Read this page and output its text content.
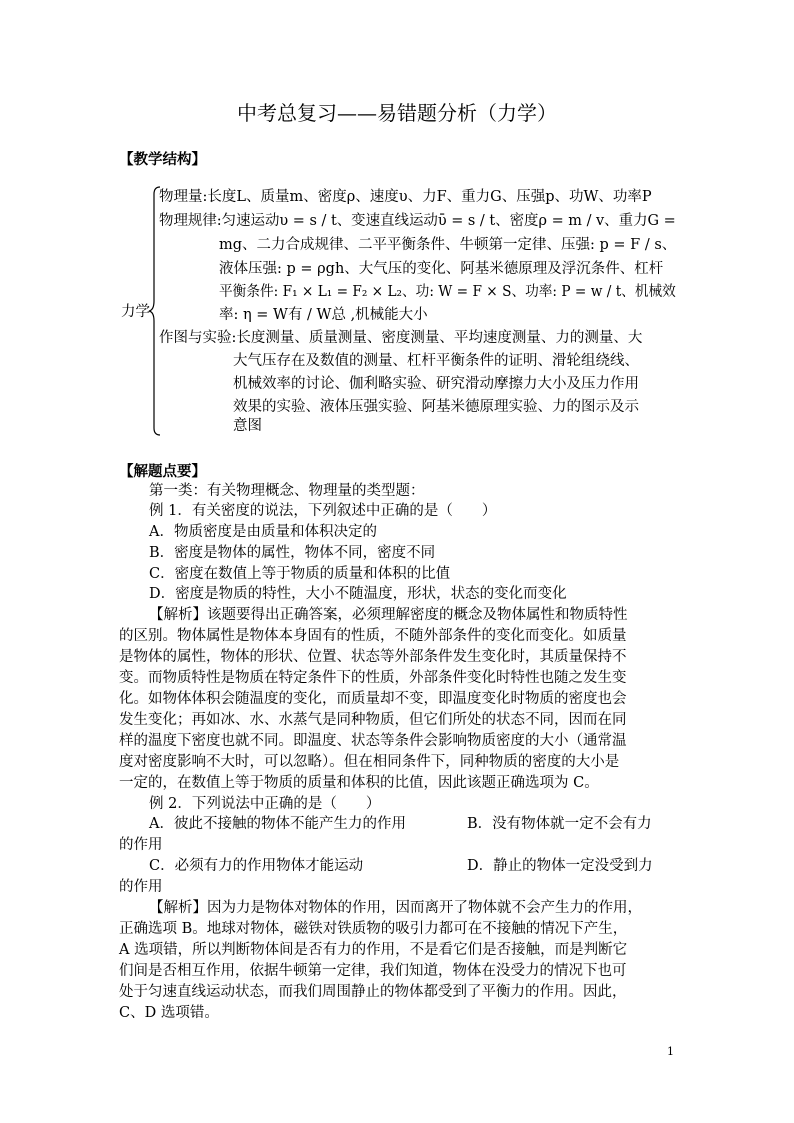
中考总复习——易错题分析（力学）
【教学结构】
力学
物理量:长度L、质量m、密度ρ、速度υ、力F、重力G、压强p、功W、功率P
物理规律:匀速运动υ = s / t、变速直线运动ῡ = s / t、密度ρ = m / v、重力G =
mg、二力合成规律、二平平衡条件、牛顿第一定律、压强: p = F / s、
液体压强: p = ρgh、大气压的变化、阿基米德原理及浮沉条件、杠杆
平衡条件: F₁ × L₁ = F₂ × L₂、功: W = F × S、功率: P = w / t、机械效
率: η = W有 / W总 ,机械能大小
作图与实验:长度测量、质量测量、密度测量、平均速度测量、力的测量、大
大气压存在及数值的测量、杠杆平衡条件的证明、滑轮组绕线、
机械效率的讨论、伽利略实验、研究滑动摩擦力大小及压力作用
效果的实验、液体压强实验、阿基米德原理实验、力的图示及示
意图
【解题点要】
第一类：有关物理概念、物理量的类型题：
例 1．有关密度的说法，下列叙述中正确的是（　　）
A．物质密度是由质量和体积决定的
B．密度是物体的属性，物体不同，密度不同
C．密度在数值上等于物质的质量和体积的比值
D．密度是物质的特性，大小不随温度，形状，状态的变化而变化
【解析】该题要得出正确答案，必须理解密度的概念及物体属性和物质特性
的区别。物体属性是物体本身固有的性质，不随外部条件的变化而变化。如质量
是物体的属性，物体的形状、位置、状态等外部条件发生变化时，其质量保持不
变。而物质特性是物质在特定条件下的性质，外部条件变化时特性也随之发生变
化。如物体体积会随温度的变化，而质量却不变，即温度变化时物质的密度也会
发生变化；再如冰、水、水蒸气是同种物质，但它们所处的状态不同，因而在同
样的温度下密度也就不同。即温度、状态等条件会影响物质密度的大小（通常温
度对密度影响不大时，可以忽略）。但在相同条件下，同种物质的密度的大小是
一定的，在数值上等于物质的质量和体积的比值，因此该题正确选项为 C。
例 2．下列说法中正确的是（　　）
A．彼此不接触的物体不能产生力的作用	B．没有物体就一定不会有力
的作用
C．必须有力的作用物体才能运动	D．静止的物体一定没受到力
的作用
【解析】因为力是物体对物体的作用，因而离开了物体就不会产生力的作用，
正确选项 B。地球对物体，磁铁对铁质物的吸引力都可在不接触的情况下产生，
A 选项错，所以判断物体间是否有力的作用，不是看它们是否接触，而是判断它
们间是否相互作用，依据牛顿第一定律，我们知道，物体在没受力的情况下也可
处于匀速直线运动状态，而我们周围静止的物体都受到了平衡力的作用。因此，
C、D 选项错。
1
